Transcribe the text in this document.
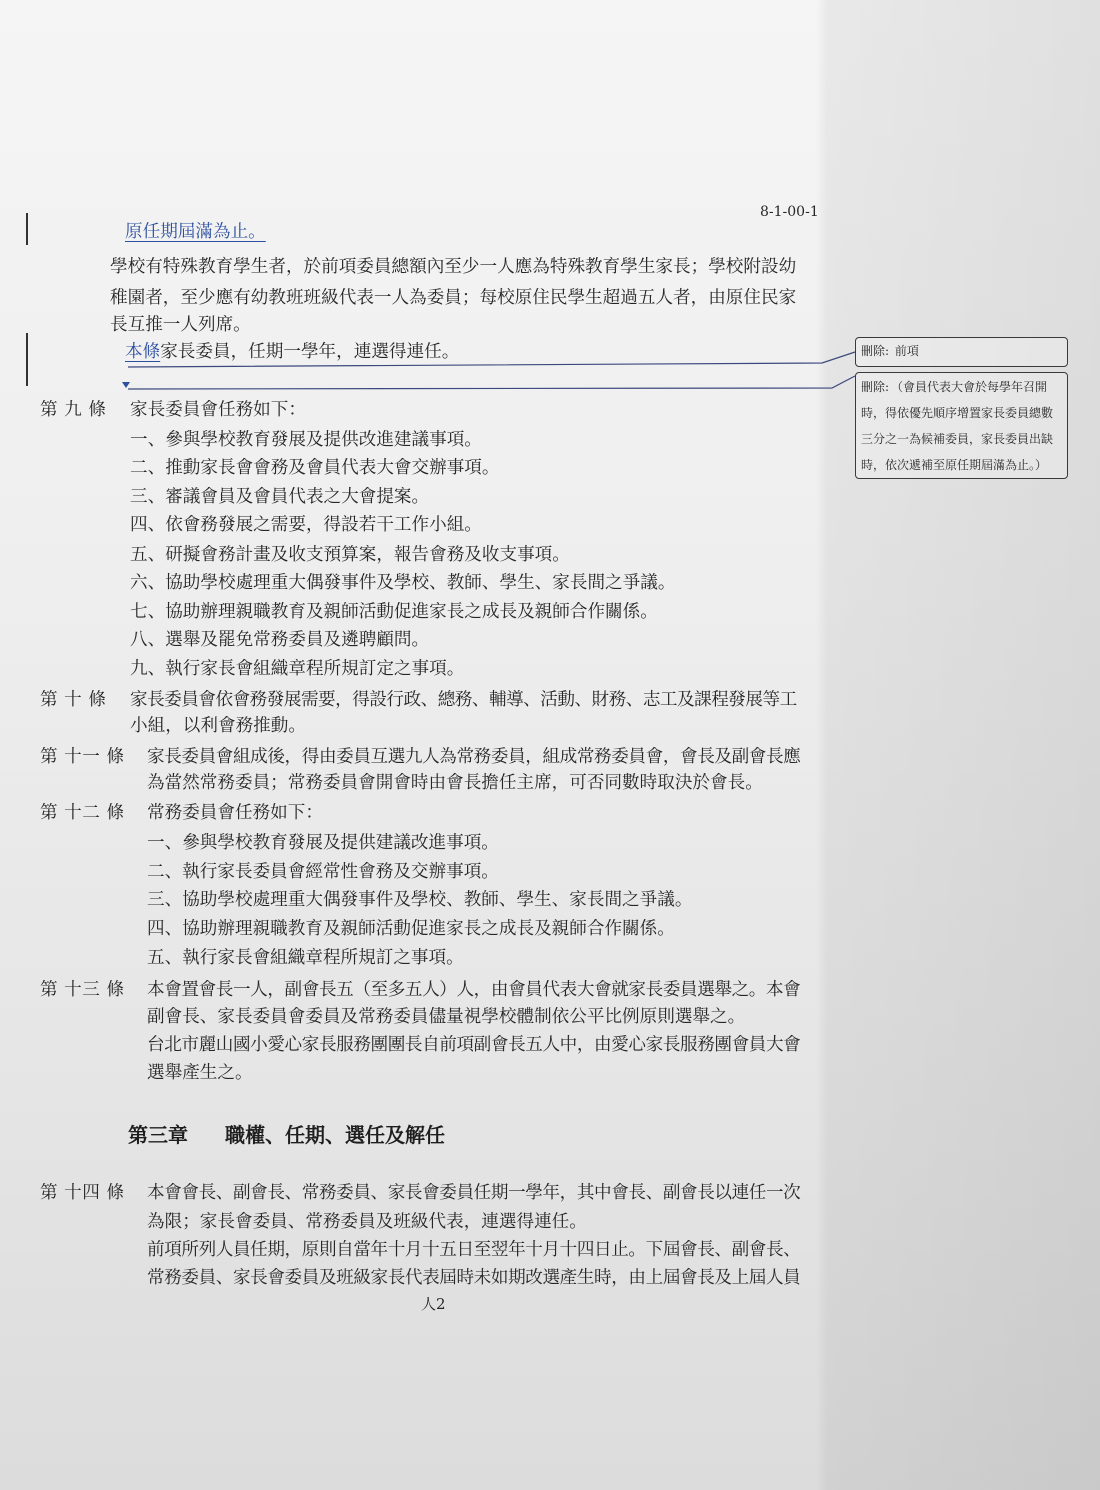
8-1-00-1
原任期屆滿為止。
學校有特殊教育學生者，於前項委員總額內至少一人應為特殊教育學生家長；學校附設幼
稚園者，至少應有幼教班班級代表一人為委員；每校原住民學生超過五人者，由原住民家
長互推一人列席。
本條家長委員，任期一學年，連選得連任。	刪除: 前項
刪除: （會員代表大會於每學年召開
時，得依優先順序增置家長委員總數
三分之一為候補委員，家長委員出缺
時，依次遞補至原任期屆滿為止。）
第 九 條 家長委員會任務如下：
一、參與學校教育發展及提供改進建議事項。
二、推動家長會會務及會員代表大會交辦事項。
三、審議會員及會員代表之大會提案。
四、依會務發展之需要，得設若干工作小組。
五、研擬會務計畫及收支預算案，報告會務及收支事項。
六、協助學校處理重大偶發事件及學校、教師、學生、家長間之爭議。
七、協助辦理親職教育及親師活動促進家長之成長及親師合作關係。
八、選舉及罷免常務委員及遴聘顧問。
九、執行家長會組織章程所規訂定之事項。
第 十 條 家長委員會依會務發展需要，得設行政、總務、輔導、活動、財務、志工及課程發展等工
小組，以利會務推動。
第 十一 條 家長委員會組成後，得由委員互選九人為常務委員，組成常務委員會，會長及副會長應
為當然常務委員；常務委員會開會時由會長擔任主席，可否同數時取決於會長。
第 十二 條 常務委員會任務如下：
一、參與學校教育發展及提供建議改進事項。
二、執行家長委員會經常性會務及交辦事項。
三、協助學校處理重大偶發事件及學校、教師、學生、家長間之爭議。
四、協助辦理親職教育及親師活動促進家長之成長及親師合作關係。
五、執行家長會組織章程所規訂之事項。
第 十三 條 本會置會長一人，副會長五（至多五人）人，由會員代表大會就家長委員選舉之。本會
副會長、家長委員會委員及常務委員儘量視學校體制依公平比例原則選舉之。
台北市麗山國小愛心家長服務團團長自前項副會長五人中，由愛心家長服務團會員大會
選舉產生之。
第三章 職權、任期、選任及解任
第 十四 條 本會會長、副會長、常務委員、家長會委員任期一學年，其中會長、副會長以連任一次
為限；家長會委員、常務委員及班級代表，連選得連任。
前項所列人員任期，原則自當年十月十五日至翌年十月十四日止。下屆會長、副會長、
常務委員、家長會委員及班級家長代表屆時未如期改選產生時，由上屆會長及上屆人員
人2
